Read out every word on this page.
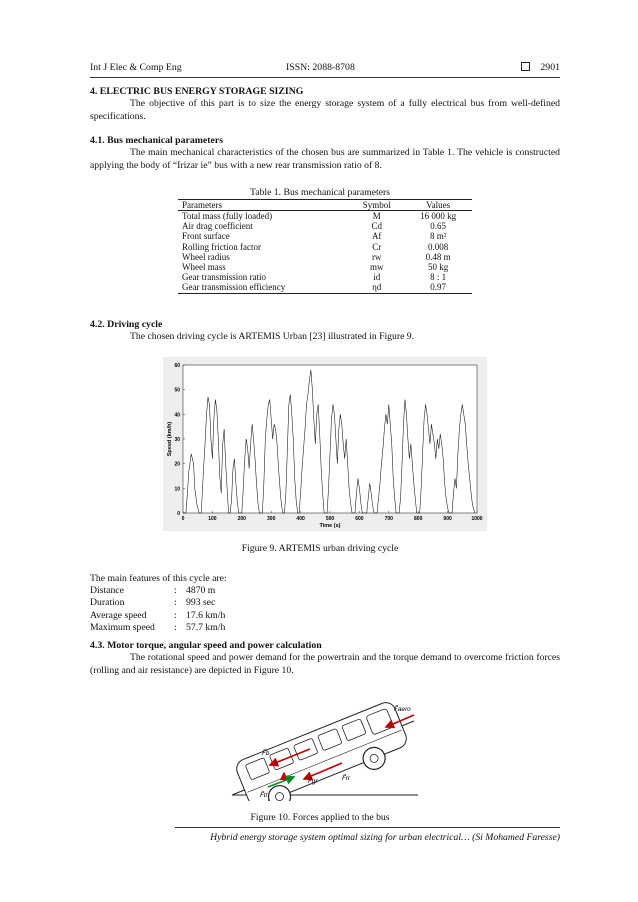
Int J Elec & Comp Eng	ISSN: 2088-8708	2901
4. ELECTRIC BUS ENERGY STORAGE SIZING
The objective of this part is to size the energy storage system of a fully electrical bus from well-defined specifications.
4.1. Bus mechanical parameters
The main mechanical characteristics of the chosen bus are summarized in Table 1. The vehicle is constructed applying the body of “Irizar ie” bus with a new rear transmission ratio of 8.
Table 1. Bus mechanical parameters
Parameters	Symbol	Values
Total mass (fully loaded)	M	16 000 kg
Air drag coefficient	Cd	0.65
Front surface	Af	8 m²
Rolling friction factor	Cr	0.008
Wheel radius	rw	0.48 m
Wheel mass	mw	50 kg
Gear transmission ratio	id	8 : 1
Gear transmission efficiency	ηd	0.97
4.2. Driving cycle
The chosen driving cycle is ARTEMIS Urban [23] illustrated in Figure 9.
0	100	200	300	400	500	600	700	800	900	1000
0
10
20
30
40
50
60
Time (s)
Speed (km/h)
Figure 9. ARTEMIS urban driving cycle
The main features of this cycle are:
Distance	: 4870 m
Duration	: 993 sec
Average speed	: 17.6 km/h
Maximum speed : 57.7 km/h
4.3. Motor torque, angular speed and power calculation
The rotational speed and power demand for the powertrain and the torque demand to overcome friction forces (rolling and air resistance) are depicted in Figure 10.
F⃗aero
F⃗b
F⃗rr
F⃗gr
F⃗tr
Figure 10. Forces applied to the bus
Hybrid energy storage system optimal sizing for urban electrical… (Si Mohamed Faresse)
